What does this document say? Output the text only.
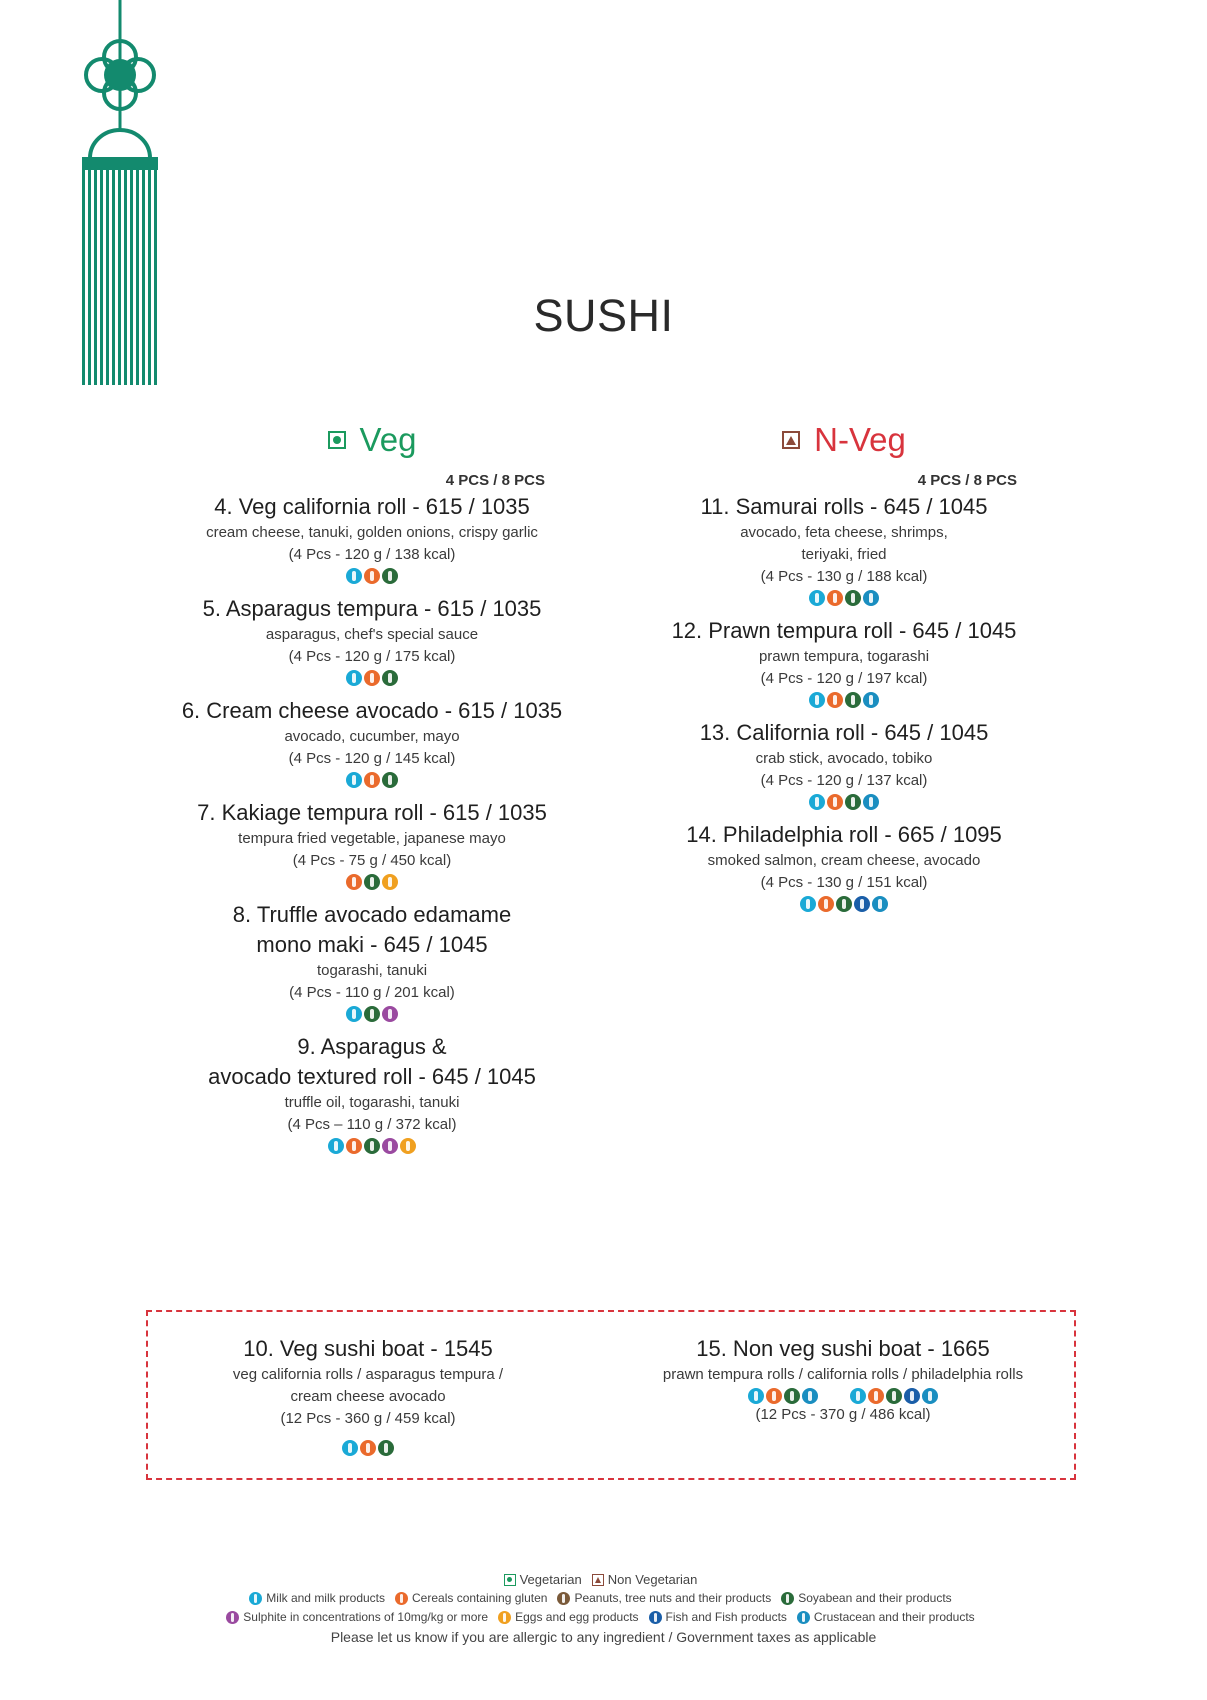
SUSHI
Veg
4 PCS / 8 PCS
4. Veg california roll - 615 / 1035
cream cheese, tanuki, golden onions, crispy garlic
(4 Pcs - 120 g / 138 kcal)
5. Asparagus tempura - 615 / 1035
asparagus, chef's special sauce
(4 Pcs - 120 g / 175 kcal)
6. Cream cheese avocado - 615 / 1035
avocado, cucumber, mayo
(4 Pcs - 120 g / 145 kcal)
7. Kakiage tempura roll - 615 / 1035
tempura fried vegetable, japanese mayo
(4 Pcs - 75 g / 450 kcal)
8. Truffle avocado edamame
mono maki - 645 / 1045
togarashi, tanuki
(4 Pcs - 110 g / 201 kcal)
9. Asparagus &
avocado textured roll - 645 / 1045
truffle oil, togarashi, tanuki
(4 Pcs – 110 g / 372 kcal)
N-Veg
4 PCS / 8 PCS
11. Samurai rolls - 645 / 1045
avocado, feta cheese, shrimps,
teriyaki, fried
(4 Pcs - 130 g / 188 kcal)
12. Prawn tempura roll - 645 / 1045
prawn tempura, togarashi
(4 Pcs - 120 g / 197 kcal)
13. California roll - 645 / 1045
crab stick, avocado, tobiko
(4 Pcs - 120 g / 137 kcal)
14. Philadelphia roll - 665 / 1095
smoked salmon, cream cheese, avocado
(4 Pcs - 130 g / 151 kcal)
10. Veg sushi boat - 1545
veg california rolls / asparagus tempura /
cream cheese avocado
(12 Pcs - 360 g / 459 kcal)
15. Non veg sushi boat - 1665
prawn tempura rolls / california rolls / philadelphia rolls
(12 Pcs - 370 g / 486 kcal)
Vegetarian Non Vegetarian
Milk and milk products Cereals containing gluten Peanuts, tree nuts and their products Soyabean and their products
Sulphite in concentrations of 10mg/kg or more Eggs and egg products Fish and Fish products Crustacean and their products
Please let us know if you are allergic to any ingredient / Government taxes as applicable
